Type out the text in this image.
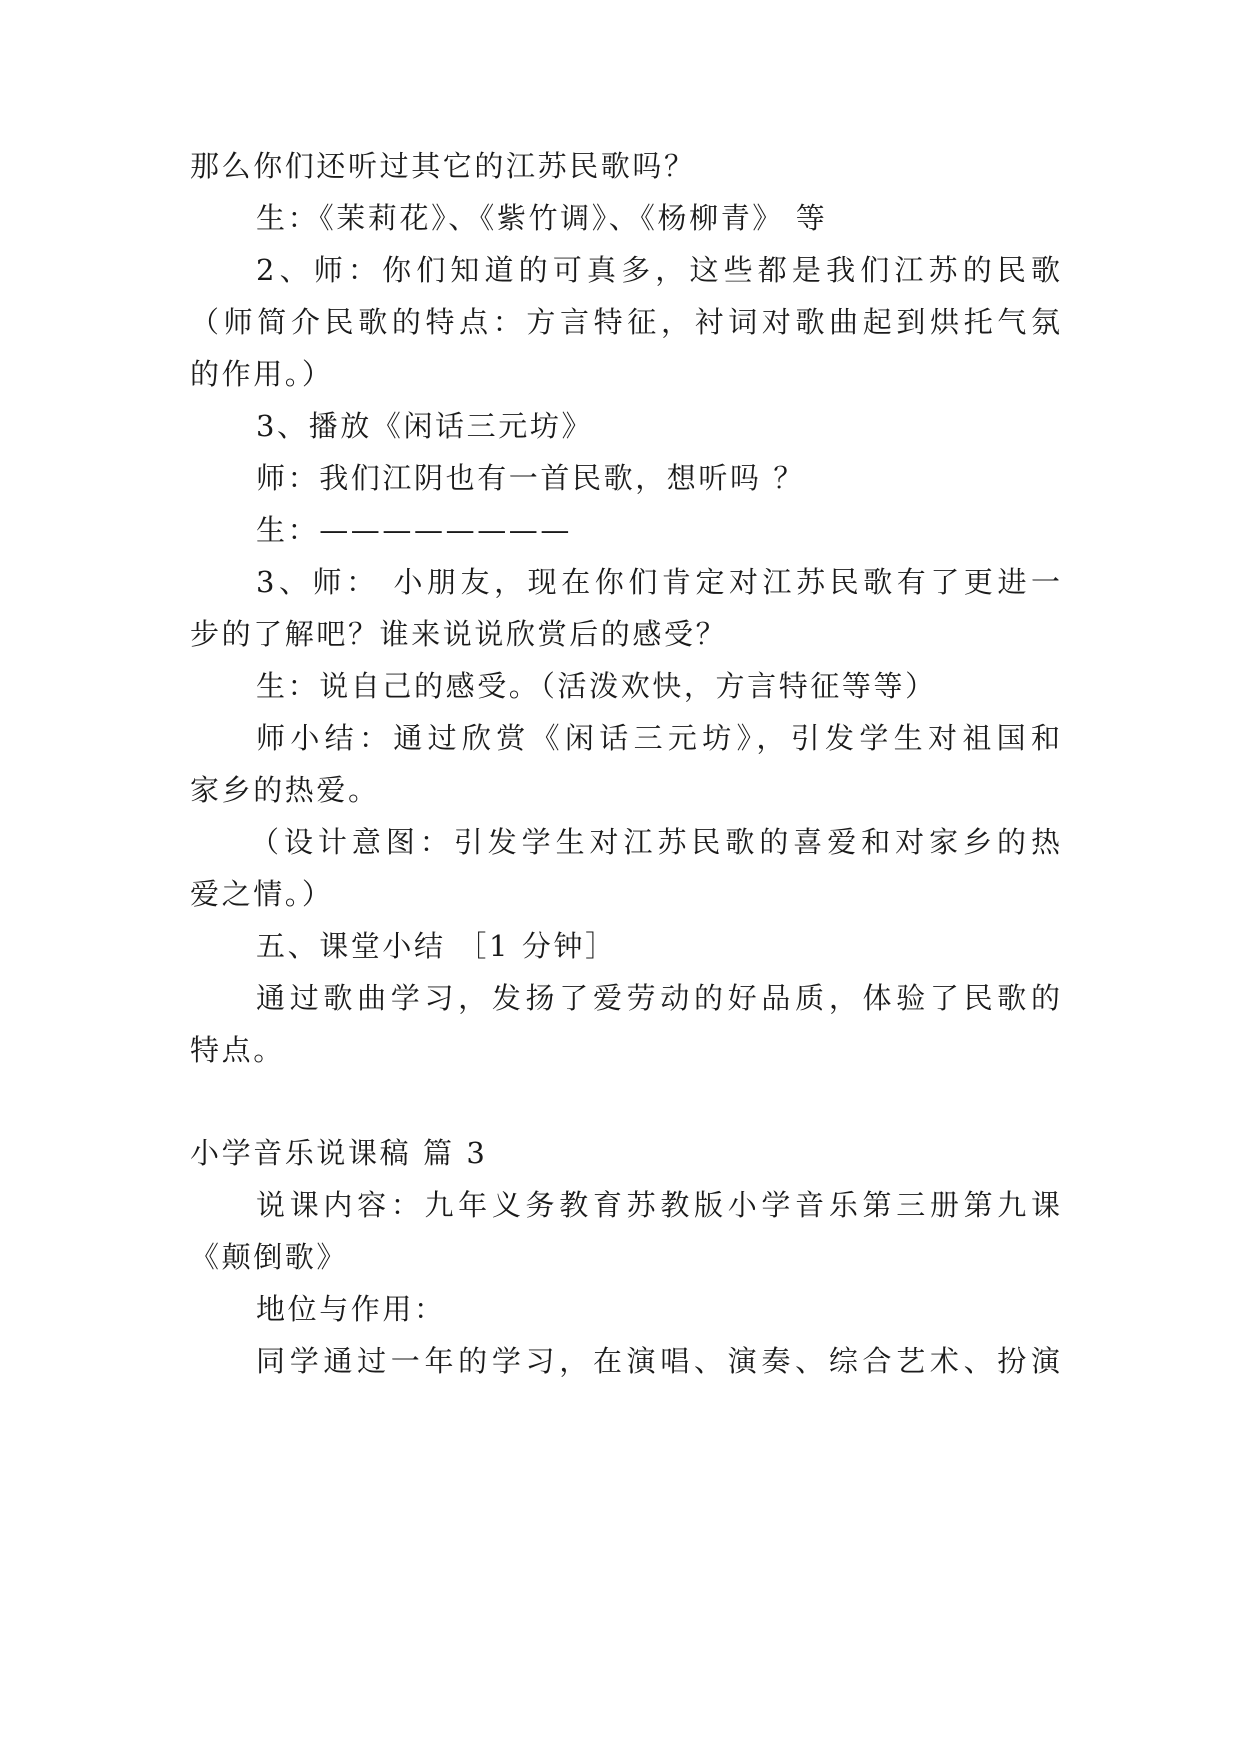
那么你们还听过其它的江苏民歌吗？
生：《茉莉花》、《紫竹调》、《杨柳青》 等
2、师：你们知道的可真多，这些都是我们江苏的民歌
（师简介民歌的特点：方言特征，衬词对歌曲起到烘托气氛
的作用。）
3、播放《闲话三元坊》
师：我们江阴也有一首民歌，想听吗 ？
生：————————
3、师： 小朋友，现在你们肯定对江苏民歌有了更进一
步的了解吧？谁来说说欣赏后的感受？
生：说自己的感受。（活泼欢快，方言特征等等）
师小结：通过欣赏《闲话三元坊》，引发学生对祖国和
家乡的热爱。
（设计意图：引发学生对江苏民歌的喜爱和对家乡的热
爱之情。）
五、课堂小结 ［1 分钟］
通过歌曲学习，发扬了爱劳动的好品质，体验了民歌的
特点。
小学音乐说课稿 篇 3
说课内容：九年义务教育苏教版小学音乐第三册第九课
《颠倒歌》
地位与作用：
同学通过一年的学习，在演唱、演奏、综合艺术、扮演
